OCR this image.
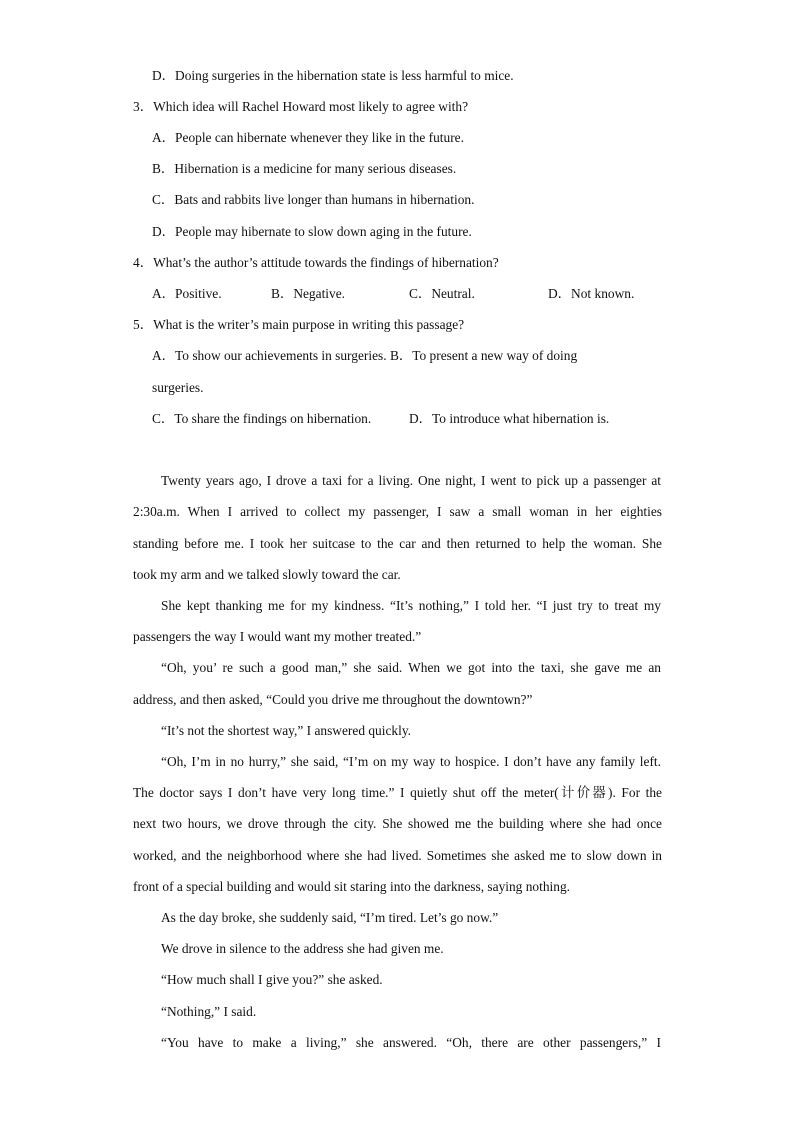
D．Doing surgeries in the hibernation state is less harmful to mice.
3．Which idea will Rachel Howard most likely to agree with?
A．People can hibernate whenever they like in the future.
B．Hibernation is a medicine for many serious diseases.
C．Bats and rabbits live longer than humans in hibernation.
D．People may hibernate to slow down aging in the future.
4．What’s the author’s attitude towards the findings of hibernation?
A．Positive.	B．Negative.	C．Neutral.	D．Not known.
5．What is the writer’s main purpose in writing this passage?
A．To show our achievements in surgeries. B．To present a new way of doing
surgeries.
C．To share the findings on hibernation.	D．To introduce what hibernation is.
Twenty years ago, I drove a taxi for a living. One night, I went to pick up a passenger at
2:30a.m. When I arrived to collect my passenger, I saw a small woman in her eighties
standing before me. I took her suitcase to the car and then returned to help the woman. She
took my arm and we talked slowly toward the car.
She kept thanking me for my kindness. “It’s nothing,” I told her. “I just try to treat my
passengers the way I would want my mother treated.”
“Oh, you’ re such a good man,” she said. When we got into the taxi, she gave me an
address, and then asked, “Could you drive me throughout the downtown?”
“It’s not the shortest way,” I answered quickly.
“Oh, I’m in no hurry,” she said, “I’m on my way to hospice. I don’t have any family left.
The doctor says I don’t have very long time.” I quietly shut off the meter(计价器). For the
next two hours, we drove through the city. She showed me the building where she had once
worked, and the neighborhood where she had lived. Sometimes she asked me to slow down in
front of a special building and would sit staring into the darkness, saying nothing.
As the day broke, she suddenly said, “I’m tired. Let’s go now.”
We drove in silence to the address she had given me.
“How much shall I give you?” she asked.
“Nothing,” I said.
“You have to make a living,” she answered. “Oh, there are other passengers,” I
